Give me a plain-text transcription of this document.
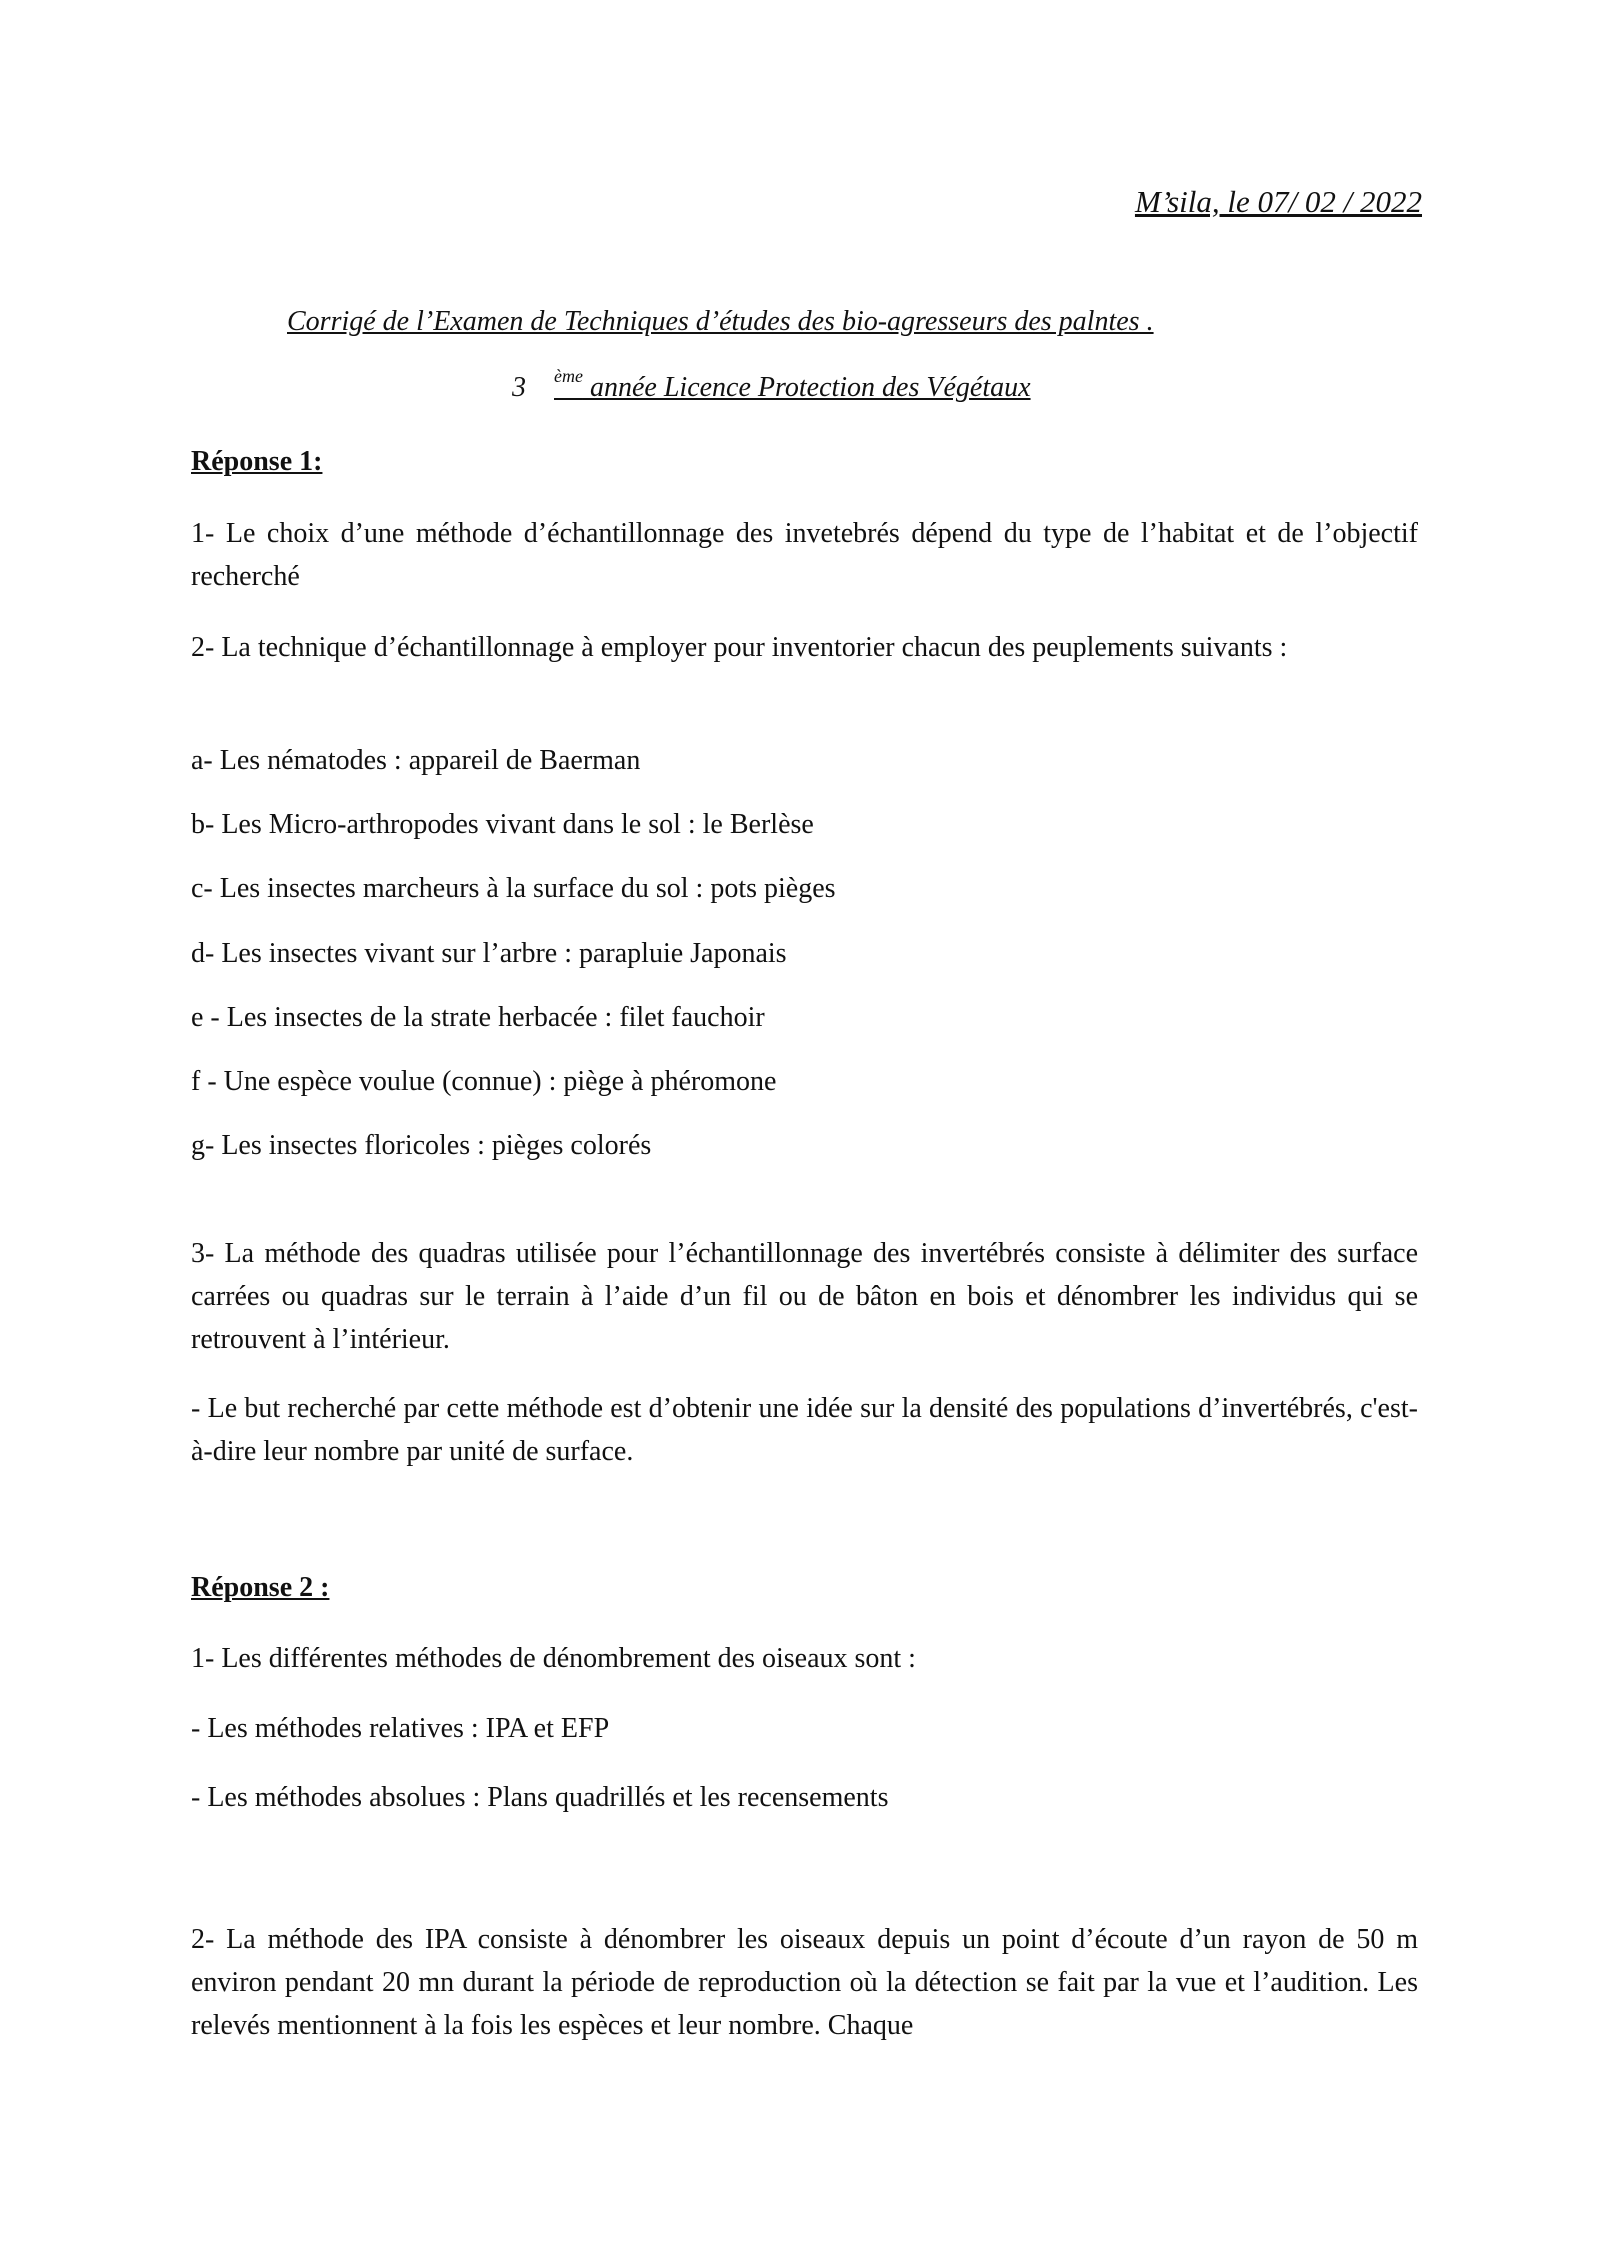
M’sila, le 07/ 02 / 2022
Corrigé de l’Examen de Techniques d’études des bio-agresseurs des palntes .
3 $^{ème}$ année Licence Protection des Végétaux
Réponse 1:
1- Le choix d’une méthode d’échantillonnage des invetebrés dépend du type de l’habitat et de l’objectif recherché
2- La technique d’échantillonnage à employer pour inventorier chacun des peuplements suivants :
a- Les nématodes : appareil de Baerman
b- Les Micro-arthropodes vivant dans le sol : le Berlèse
c- Les insectes marcheurs à la surface du sol : pots pièges
d- Les insectes vivant sur l’arbre : parapluie Japonais
e - Les insectes de la strate herbacée : filet fauchoir
f - Une espèce voulue (connue) : piège à phéromone
g- Les insectes floricoles : pièges colorés
3- La méthode des quadras utilisée pour l’échantillonnage des invertébrés consiste à délimiter des surface carrées ou quadras sur le terrain à l’aide d’un fil ou de bâton en bois et dénombrer les individus qui se retrouvent à l’intérieur.
- Le but recherché par cette méthode est d’obtenir une idée sur la densité des populations d’invertébrés, c'est-à-dire leur nombre par unité de surface.
Réponse 2 :
1- Les différentes méthodes de dénombrement des oiseaux sont :
- Les méthodes relatives : IPA et EFP
- Les méthodes absolues : Plans quadrillés et les recensements
2- La méthode des IPA consiste à dénombrer les oiseaux depuis un point d’écoute d’un rayon de 50 m environ pendant 20 mn durant la période de reproduction où la détection se fait par la vue et l’audition. Les relevés mentionnent à la fois les espèces et leur nombre. Chaque
